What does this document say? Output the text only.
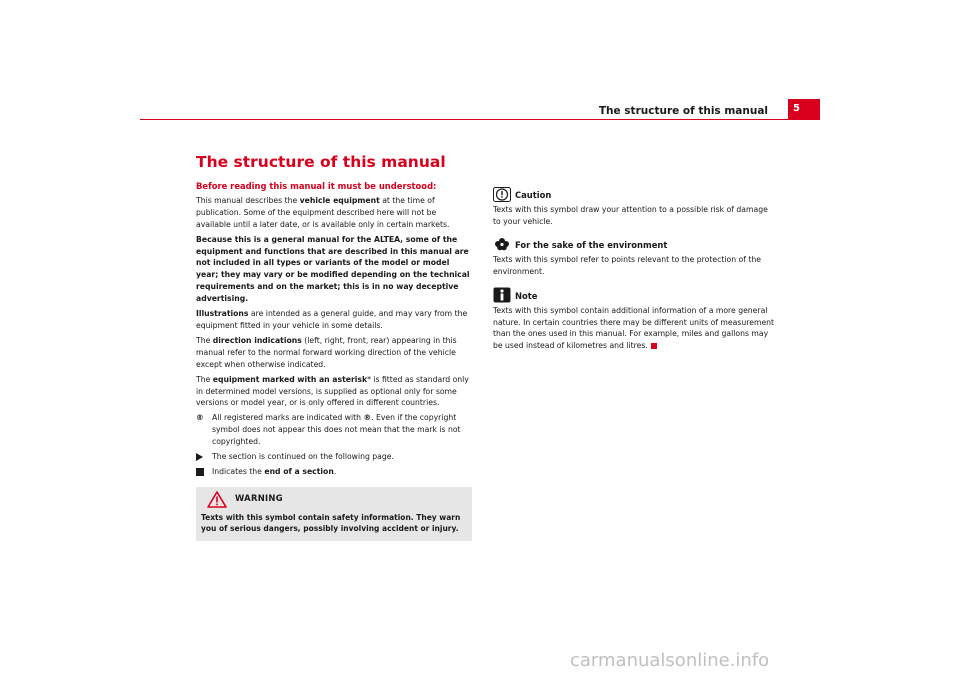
The structure of this manual	5
The structure of this manual
Before reading this manual it must be understood:
This manual describes the vehicle equipment at the time of publication. Some of the equipment described here will not be available until a later date, or is available only in certain markets.
Because this is a general manual for the ALTEA, some of the equipment and functions that are described in this manual are not included in all types or variants of the model or model year; they may vary or be modified depending on the technical requirements and on the market; this is in no way deceptive advertising.
Illustrations are intended as a general guide, and may vary from the equipment fitted in your vehicle in some details.
The direction indications (left, right, front, rear) appearing in this manual refer to the normal forward working direction of the vehicle except when otherwise indicated.
The equipment marked with an asterisk* is fitted as standard only in determined model versions, is supplied as optional only for some versions or model year, or is only offered in different countries.
®	All registered marks are indicated with ®. Even if the copyright symbol does not appear this does not mean that the mark is not copyrighted.
The section is continued on the following page.
Indicates the end of a section.
WARNING
Texts with this symbol contain safety information. They warn you of serious dangers, possibly involving accident or injury.
Caution
Texts with this symbol draw your attention to a possible risk of damage to your vehicle.
For the sake of the environment
Texts with this symbol refer to points relevant to the protection of the environment.
Note
Texts with this symbol contain additional information of a more general nature. In certain countries there may be different units of measurement than the ones used in this manual. For example, miles and gallons may be used instead of kilometres and litres.
carmanualsonline.info
